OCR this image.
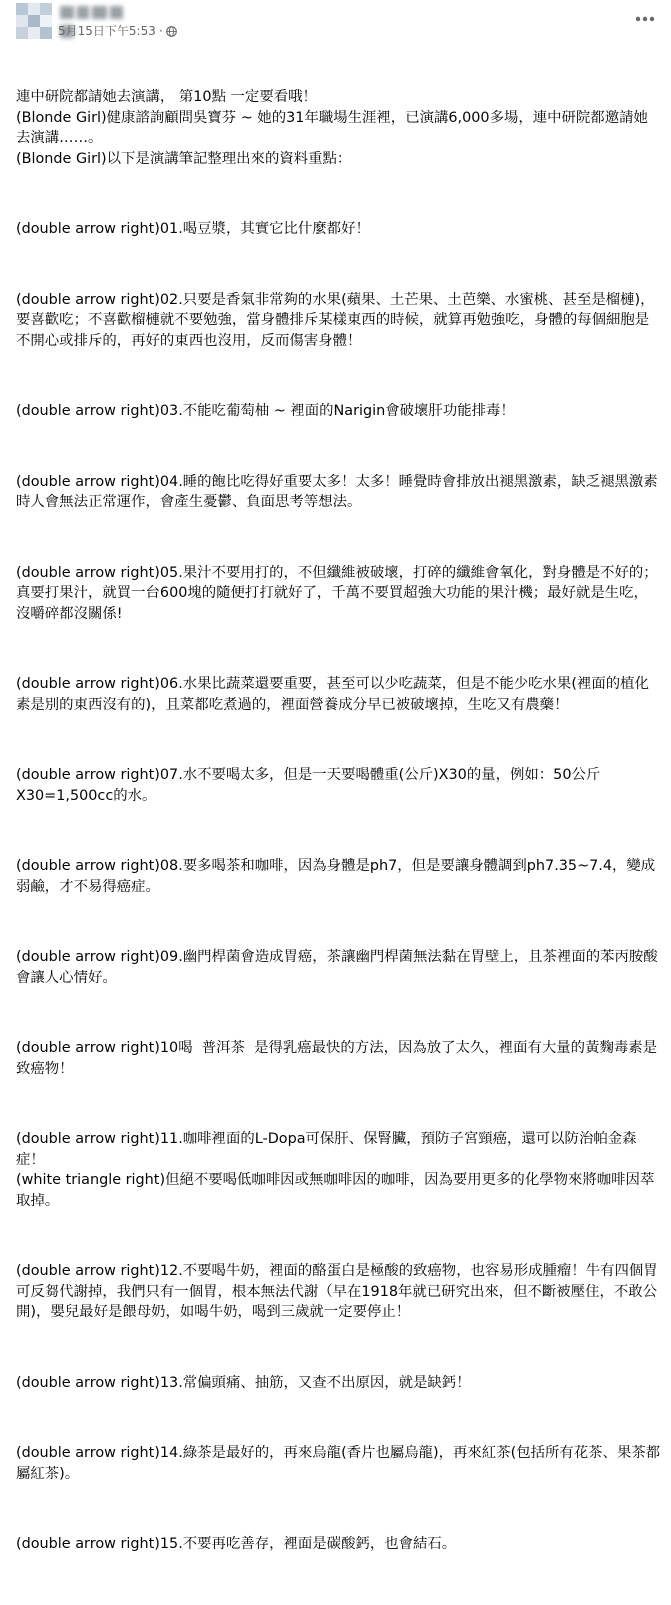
5月15日下午5:53 ·

連中研院都請她去演講， 第10點 一定要看哦！
(Blonde Girl)健康諮詢顧問吳寶芬 ~ 她的31年職場生涯裡，已演講6,000多場，連中研院都邀請她去演講……。
(Blonde Girl)以下是演講筆記整理出來的資料重點：

(double arrow right)01.喝豆漿，其實它比什麼都好！

(double arrow right)02.只要是香氣非常夠的水果(蘋果、土芒果、土芭樂、水蜜桃、甚至是榴槤)，要喜歡吃；不喜歡榴槤就不要勉強，當身體排斥某樣東西的時候，就算再勉強吃，身體的每個細胞是不開心或排斥的，再好的東西也沒用，反而傷害身體！

(double arrow right)03.不能吃葡萄柚 ~ 裡面的Narigin會破壞肝功能排毒！

(double arrow right)04.睡的飽比吃得好重要太多！太多！睡覺時會排放出褪黑激素，缺乏褪黑激素時人會無法正常運作，會產生憂鬱、負面思考等想法。

(double arrow right)05.果汁不要用打的，不但纖維被破壞，打碎的纖維會氧化，對身體是不好的；真要打果汁，就買一台600塊的隨便打打就好了，千萬不要買超強大功能的果汁機；最好就是生吃，沒嚼碎都沒關係!

(double arrow right)06.水果比蔬菜還要重要，甚至可以少吃蔬菜，但是不能少吃水果(裡面的植化素是別的東西沒有的)，且菜都吃煮過的，裡面營養成分早已被破壞掉，生吃又有農藥！

(double arrow right)07.水不要喝太多，但是一天要喝體重(公斤)X30的量，例如：50公斤X30=1,500cc的水。

(double arrow right)08.要多喝茶和咖啡，因為身體是ph7，但是要讓身體調到ph7.35~7.4，變成弱鹼，才不易得癌症。

(double arrow right)09.幽門桿菌會造成胃癌，茶讓幽門桿菌無法黏在胃壁上，且茶裡面的苯丙胺酸會讓人心情好。

(double arrow right)10喝  普洱茶  是得乳癌最快的方法，因為放了太久，裡面有大量的黃麴毒素是致癌物！

(double arrow right)11.咖啡裡面的L-Dopa可保肝、保腎臟，預防子宮頸癌，還可以防治帕金森症！
(white triangle right)但絕不要喝低咖啡因或無咖啡因的咖啡，因為要用更多的化學物來將咖啡因萃取掉。

(double arrow right)12.不要喝牛奶，裡面的酪蛋白是極酸的致癌物，也容易形成腫瘤！牛有四個胃可反芻代謝掉，我們只有一個胃，根本無法代謝（早在1918年就已研究出來，但不斷被壓住，不敢公開)，嬰兒最好是餵母奶，如喝牛奶，喝到三歲就一定要停止！

(double arrow right)13.常偏頭痛、抽筋，又查不出原因，就是缺鈣！

(double arrow right)14.綠茶是最好的，再來烏龍(香片也屬烏龍)，再來紅茶(包括所有花茶、果茶都屬紅茶)。

(double arrow right)15.不要再吃善存，裡面是碳酸鈣，也會結石。
